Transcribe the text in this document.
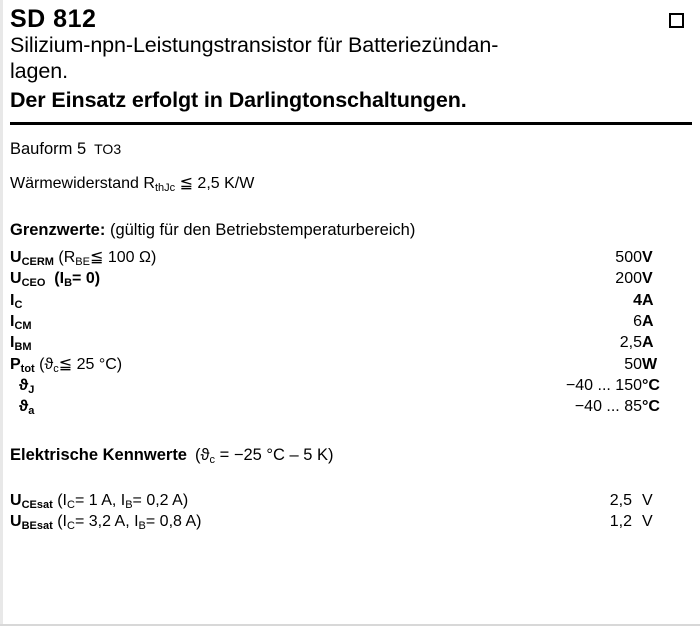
SD 812
Silizium-npn-Leistungstransistor für Batteriezündan-
lagen.
Der Einsatz erfolgt in Darlingtonschaltungen.
Bauform 5 TO3
Wärmewiderstand $R_{thJc}$ ≦ 2,5 K/W
Grenzwerte: (gültig für den Betriebstemperaturbereich)
$U_{CERM}$ ($R_{BE}≦$ 100 Ω)	500	V
$U_{CEO}$ $(I_B= 0)$	200	V
$I_C$	4	A
$I_{CM}$	6	A
$I_{BM}$	2,5	A
$P_{tot}$ ($ϑ_c≦$ 25 °C)	50	W
$ϑ_J$	−40 ... 150	°C
$ϑ_a$	−40 ... 85	°C
Elektrische Kennwerte ($ϑ_c = -25$ °C – 5 K)
$U_{CEsat}$ ($I_C= 1$ A, $I_B= 0,2$ A)	2,5	V
$U_{BEsat}$ ($I_C= 3,2$ A, $I_B= 0,8$ A)	1,2	V
